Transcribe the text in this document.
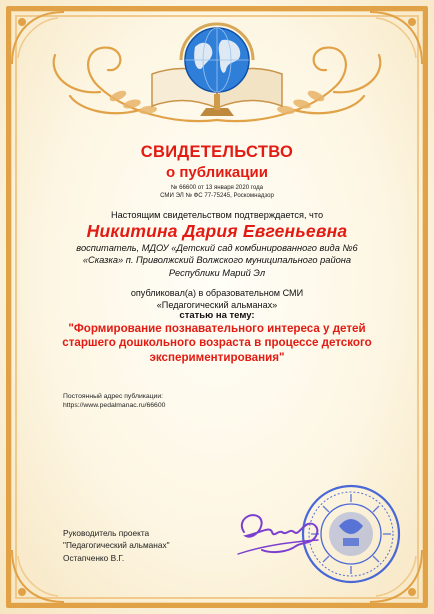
СВИДЕТЕЛЬСТВО
о публикации
№ 66600 от 13 января 2020 года
СМИ ЭЛ № ФС 77-75245, Роскомнадзор
Настоящим свидетельством подтверждается, что
Никитина Дария Евгеньевна
воспитатель, МДОУ «Детский сад комбинированного вида №6
«Сказка» п. Приволжский Волжского муниципального района
Республики Марий Эл
опубликовал(а) в образовательном СМИ
«Педагогический альманах»
статью на тему:
"Формирование познавательного интереса у детей
старшего дошкольного возраста в процессе детского
экспериментирования"
Постоянный адрес публикации:
https://www.pedalmanac.ru/66600
Руководитель проекта
"Педагогический альманах"
Остапченко В.Г.
